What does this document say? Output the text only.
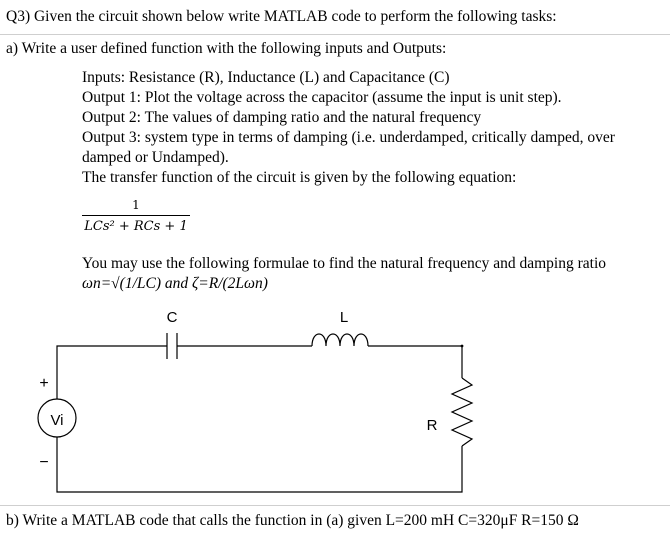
Q3) Given the circuit shown below write MATLAB code to perform the following tasks:

a) Write a user defined function with the following inputs and Outputs:

Inputs: Resistance (R), Inductance (L) and Capacitance (C)

Output 1: Plot the voltage across the capacitor (assume the input is unit step).

Output 2: The values of damping ratio and the natural frequency

Output 3: system type in terms of damping (i.e. underdamped, critically damped, over

damped or Undamped).

The transfer function of the circuit is given by the following equation:

1
LCs² + RCs + 1

You may use the following formulae to find the natural frequency and damping ratio

ωn=√(1/LC) and ζ=R/(2Lωn)

C	L
R
Vi
+
−

b) Write a MATLAB code that calls the function in (a) given L=200 mH C=320μF R=150 Ω
